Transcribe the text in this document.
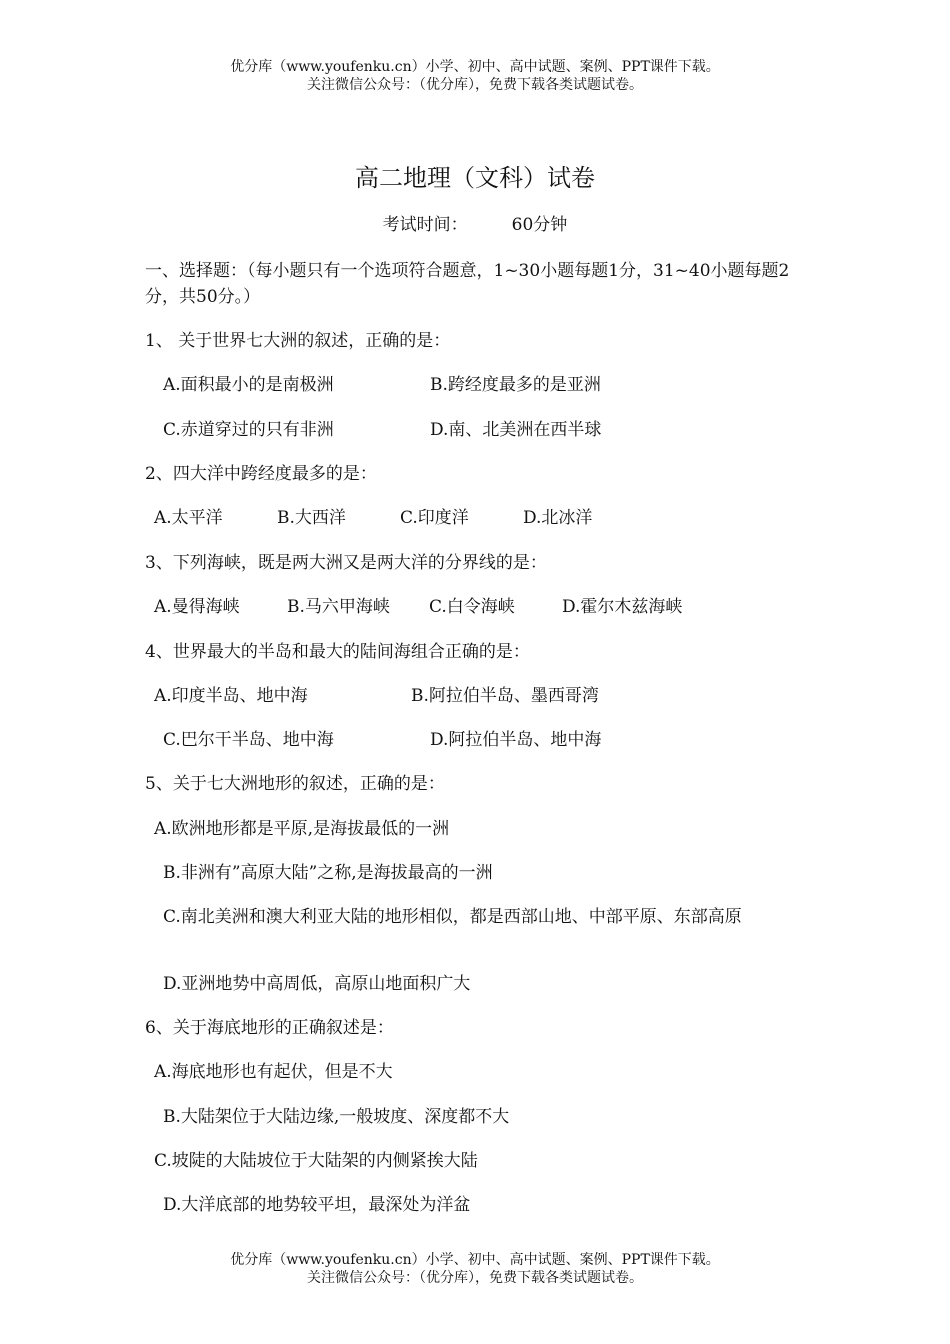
优分库（www.youfenku.cn）小学、初中、高中试题、案例、PPT课件下载。
关注微信公众号：（优分库），免费下载各类试题试卷。
高二地理（文科）试卷
考试时间：	60分钟
一、选择题：（每小题只有一个选项符合题意，1~30小题每题1分，31~40小题每题2分，共50分。）
1、 关于世界七大洲的叙述，正确的是：
A.面积最小的是南极洲	B.跨经度最多的是亚洲
C.赤道穿过的只有非洲	D.南、北美洲在西半球
2、四大洋中跨经度最多的是：
A.太平洋	B.大西洋	C.印度洋	D.北冰洋
3、下列海峡，既是两大洲又是两大洋的分界线的是：
A.曼得海峡	B.马六甲海峡 C.白令海峡	D.霍尔木兹海峡
4、世界最大的半岛和最大的陆间海组合正确的是：
A.印度半岛、地中海	B.阿拉伯半岛、墨西哥湾
C.巴尔干半岛、地中海	D.阿拉伯半岛、地中海
5、关于七大洲地形的叙述，正确的是：
A.欧洲地形都是平原,是海拔最低的一洲
B.非洲有”高原大陆”之称,是海拔最高的一洲
C.南北美洲和澳大利亚大陆的地形相似，都是西部山地、中部平原、东部高原
D.亚洲地势中高周低，高原山地面积广大
6、关于海底地形的正确叙述是：
A.海底地形也有起伏，但是不大
B.大陆架位于大陆边缘,一般坡度、深度都不大
C.坡陡的大陆坡位于大陆架的内侧紧挨大陆
D.大洋底部的地势较平坦，最深处为洋盆
优分库（www.youfenku.cn）小学、初中、高中试题、案例、PPT课件下载。
关注微信公众号：（优分库），免费下载各类试题试卷。
